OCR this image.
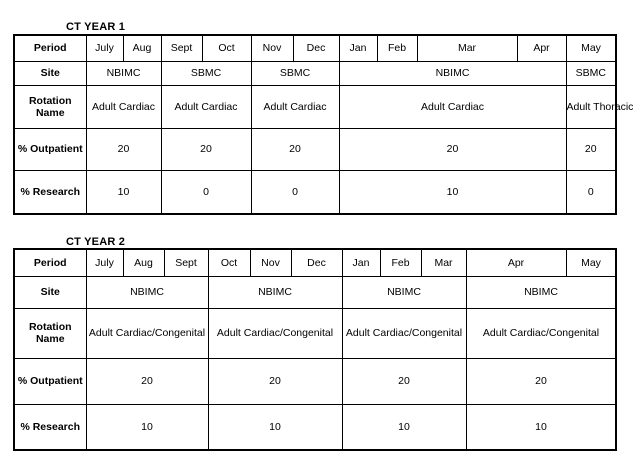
CT YEAR 1
Period	July	Aug	Sept	Oct	Nov	Dec	Jan	Feb	Mar	Apr	May	
Site	NBIMC		SBMC		SBMC		NBIMC				SBMC	
Rotation
Name	Adult Cardiac		Adult Cardiac		Adult Cardiac		Adult Cardiac				Adult Thoracic	
% Outpatient	20		20		20		20				20	
% Research	10		0		0		10				0	
CT YEAR 2
Period	July	Aug	Sept	Oct	Nov	Dec	Jan	Feb	Mar	Apr	May	
Site	NBIMC			NBIMC			NBIMC			NBIMC		
Rotation
Name	Adult Cardiac/Congenital			Adult Cardiac/Congenital			Adult Cardiac/Congenital			Adult Cardiac/Congenital		
% Outpatient	20			20			20			20		
% Research	10			10			10			10		
